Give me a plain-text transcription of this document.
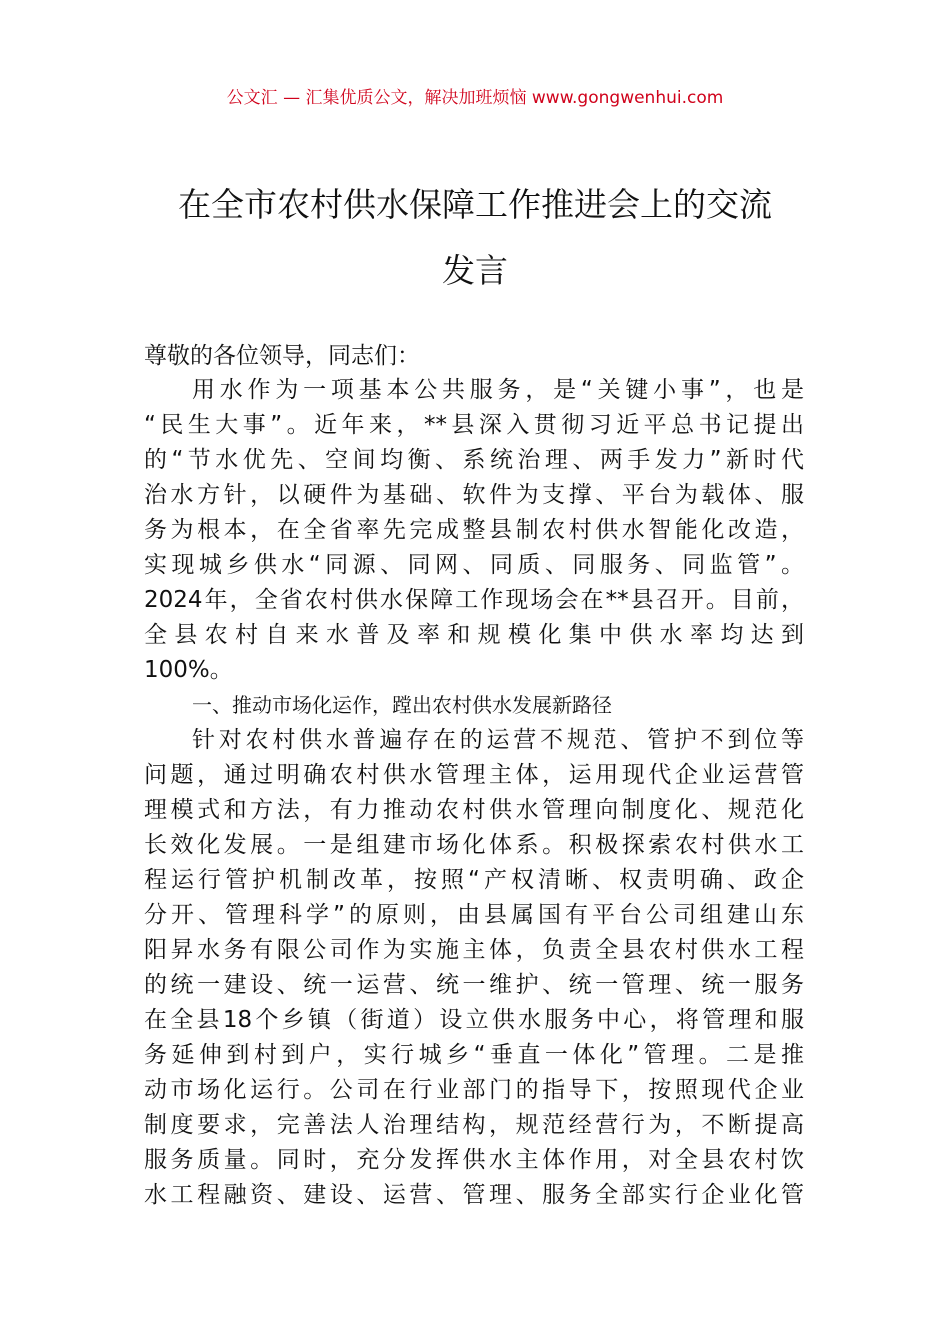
公文汇 — 汇集优质公文，解决加班烦恼 www.gongwenhui.com
在全市农村供水保障工作推进会上的交流
发言
尊敬的各位领导，同志们：
用水作为一项基本公共服务，是“关键小事”，也是
“民生大事”。近年来，**县深入贯彻习近平总书记提出
的“节水优先、空间均衡、系统治理、两手发力”新时代
治水方针，以硬件为基础、软件为支撑、平台为载体、服
务为根本，在全省率先完成整县制农村供水智能化改造，
实现城乡供水“同源、同网、同质、同服务、同监管”。
2024年，全省农村供水保障工作现场会在**县召开。目前，
全县农村自来水普及率和规模化集中供水率均达到
100%。
一、推动市场化运作，蹚出农村供水发展新路径
针对农村供水普遍存在的运营不规范、管护不到位等
问题，通过明确农村供水管理主体，运用现代企业运营管
理模式和方法，有力推动农村供水管理向制度化、规范化
长效化发展。一是组建市场化体系。积极探索农村供水工
程运行管护机制改革，按照“产权清晰、权责明确、政企
分开、管理科学”的原则，由县属国有平台公司组建山东
阳昇水务有限公司作为实施主体，负责全县农村供水工程
的统一建设、统一运营、统一维护、统一管理、统一服务
在全县18个乡镇（街道）设立供水服务中心，将管理和服
务延伸到村到户，实行城乡“垂直一体化”管理。二是推
动市场化运行。公司在行业部门的指导下，按照现代企业
制度要求，完善法人治理结构，规范经营行为，不断提高
服务质量。同时，充分发挥供水主体作用，对全县农村饮
水工程融资、建设、运营、管理、服务全部实行企业化管
